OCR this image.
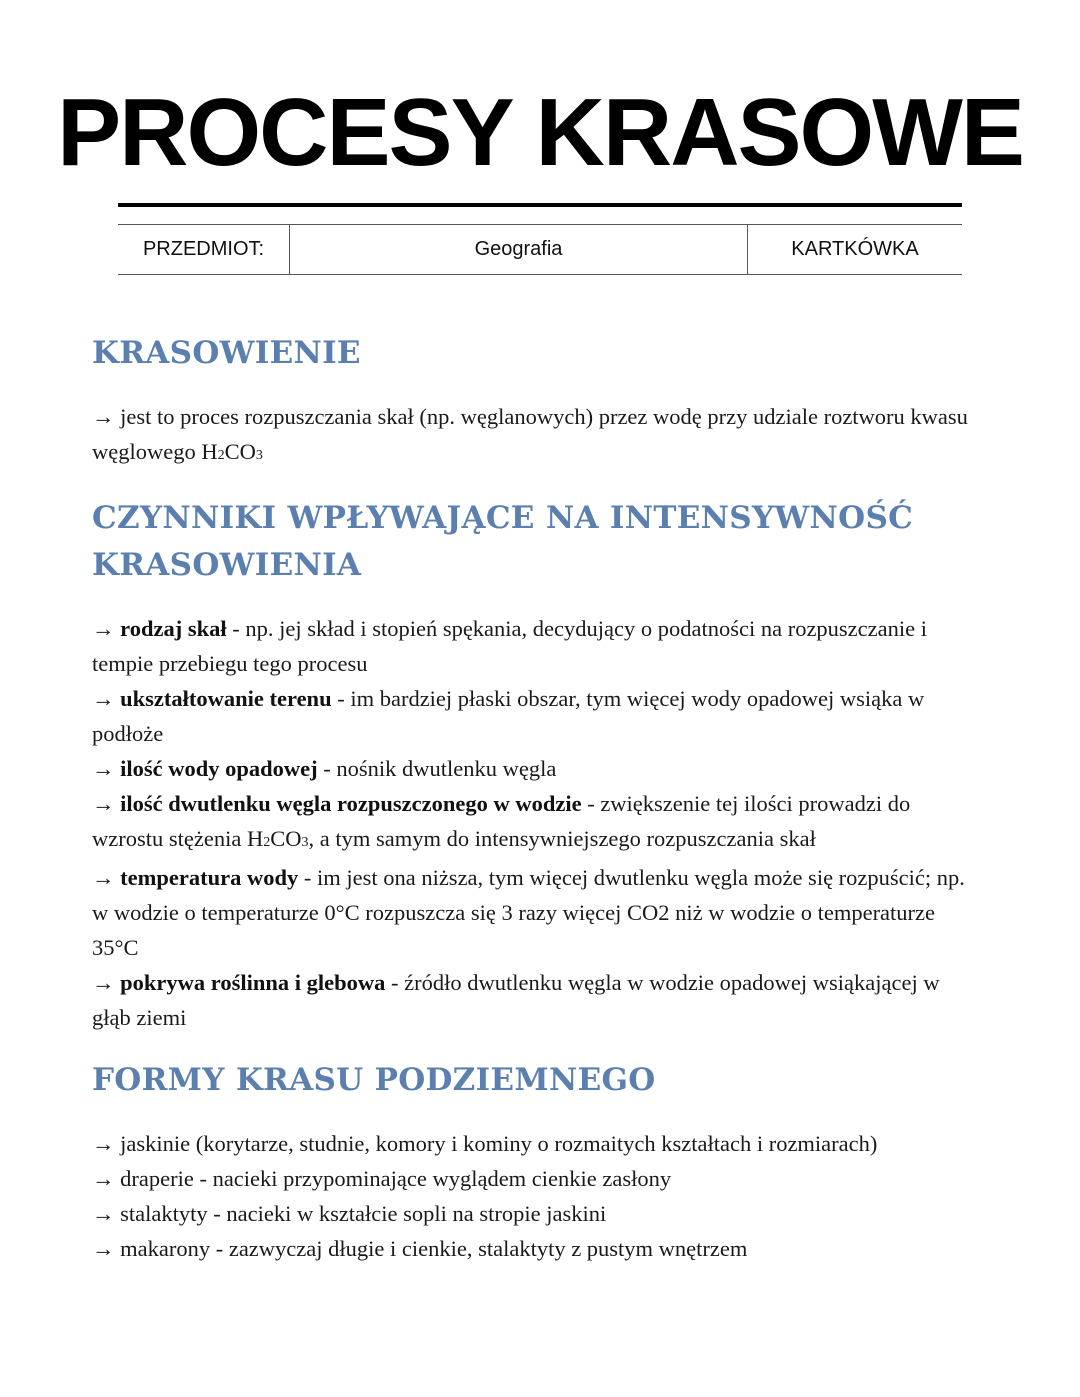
PROCESY KRASOWE
PRZEDMIOT:	Geografia	KARTKÓWKA
KRASOWIENIE

→ jest to proces rozpuszczania skał (np. węglanowych) przez wodę przy udziale roztworu kwasu węglowego H2CO3

CZYNNIKI WPŁYWAJĄCE NA INTENSYWNOŚĆ KRASOWIENIA

→ rodzaj skał - np. jej skład i stopień spękania, decydujący o podatności na rozpuszczanie i tempie przebiegu tego procesu

→ ukształtowanie terenu - im bardziej płaski obszar, tym więcej wody opadowej wsiąka w podłoże

→ ilość wody opadowej - nośnik dwutlenku węgla

→ ilość dwutlenku węgla rozpuszczonego w wodzie - zwiększenie tej ilości prowadzi do wzrostu stężenia H2CO3, a tym samym do intensywniejszego rozpuszczania skał

→ temperatura wody - im jest ona niższa, tym więcej dwutlenku węgla może się rozpuścić; np. w wodzie o temperaturze 0°C rozpuszcza się 3 razy więcej CO2 niż w wodzie o temperaturze 35°C

→ pokrywa roślinna i glebowa - źródło dwutlenku węgla w wodzie opadowej wsiąkającej w głąb ziemi

FORMY KRASU PODZIEMNEGO

→ jaskinie (korytarze, studnie, komory i kominy o rozmaitych kształtach i rozmiarach)

→ draperie - nacieki przypominające wyglądem cienkie zasłony

→ stalaktyty - nacieki w kształcie sopli na stropie jaskini

→ makarony - zazwyczaj długie i cienkie, stalaktyty z pustym wnętrzem
